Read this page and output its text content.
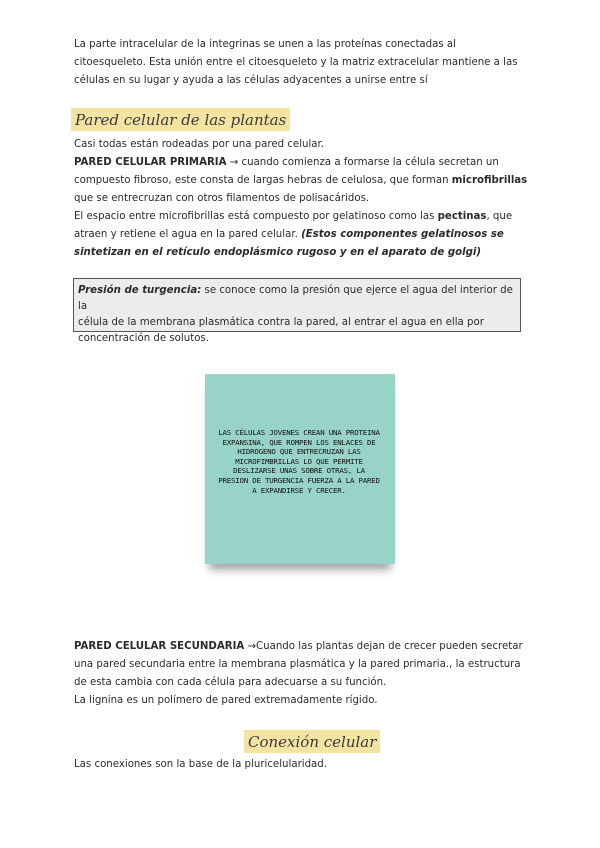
La parte intracelular de la integrinas se unen a las proteínas conectadas al
citoesqueleto. Esta unión entre el citoesqueleto y la matriz extracelular mantiene a las
células en su lugar y ayuda a las células adyacentes a unirse entre sí

Pared celular de las plantas

Casi todas están rodeadas por una pared celular.
PARED CELULAR PRIMARIA → cuando comienza a formarse la célula secretan un
compuesto fibroso, este consta de largas hebras de celulosa, que forman microfibrillas
que se entrecruzan con otros filamentos de polisacáridos.
El espacio entre microfibrillas está compuesto por gelatinoso como las pectinas, que
atraen y retiene el agua en la pared celular. (Estos componentes gelatinosos se
sintetizan en el retículo endoplásmico rugoso y en el aparato de golgi)

Presión de turgencia: se conoce como la presión que ejerce el agua del interior de la
célula de la membrana plasmática contra la pared, al entrar el agua en ella por
concentración de solutos.
LAS CÉLULAS JOVENES CREAN UNA PROTEINA EXPANSINA, QUE ROMPEN LOS ENLACES DE HIDROGENO QUE ENTRECRUZAN LAS MICROFIMBRILLAS LO QUE PERMITE DESLIZARSE UNAS SOBRE OTRAS, LA PRESION DE TURGENCIA FUERZA A LA PARED A EXPANDIRSE Y CRECER.

PARED CELULAR SECUNDARIA →Cuando las plantas dejan de crecer pueden secretar
una pared secundaria entre la membrana plasmática y la pared primaria., la estructura
de esta cambia con cada célula para adecuarse a su función.
La lignina es un polímero de pared extremadamente rígido.

Conexión celular

Las conexiones son la base de la pluricelularidad.
